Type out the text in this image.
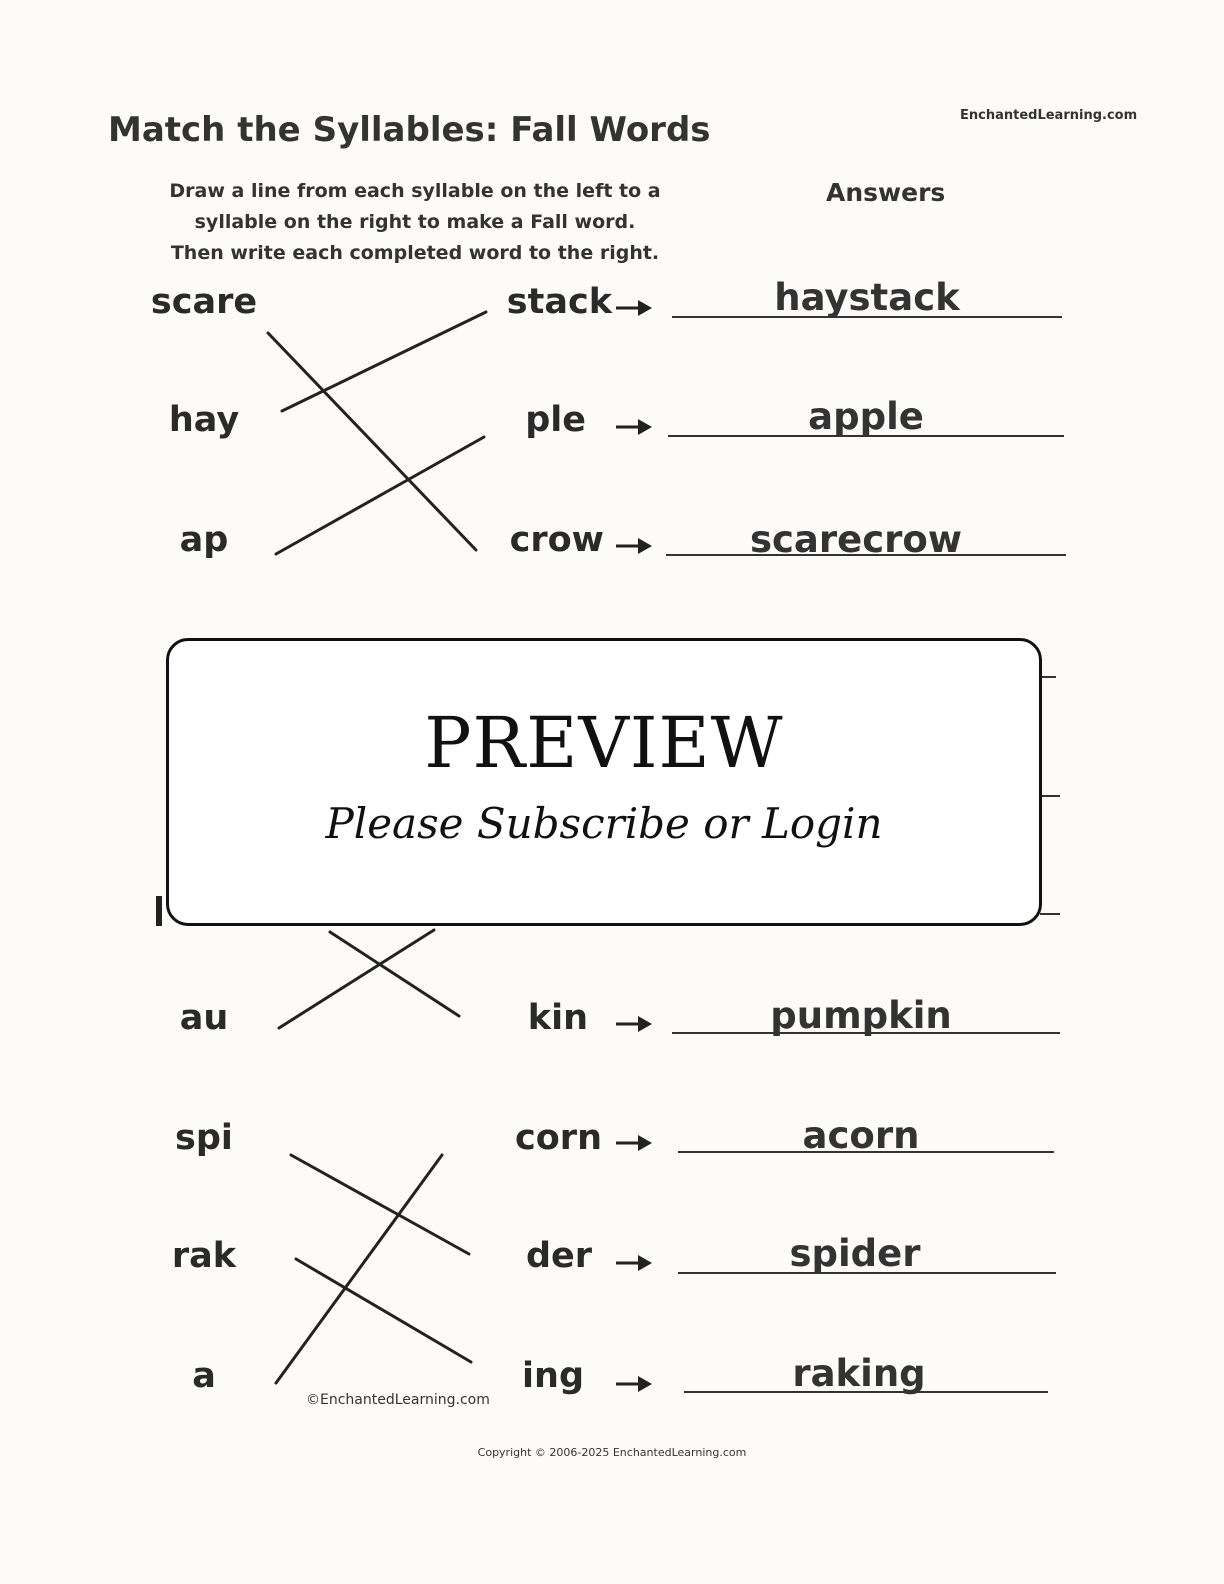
Match the Syllables: Fall Words	EnchantedLearning.com
Draw a line from each syllable on the left to a
syllable on the right to make a Fall word.
Then write each completed word to the right.
Answers
scare	stack	haystack
hay	ple	apple
ap	crow	scarecrow
au	kin	pumpkin
spi	corn	acorn
rak	der	spider
a	ing	raking
©EnchantedLearning.com
PREVIEW
Please Subscribe or Login
Copyright © 2006-2025 EnchantedLearning.com
